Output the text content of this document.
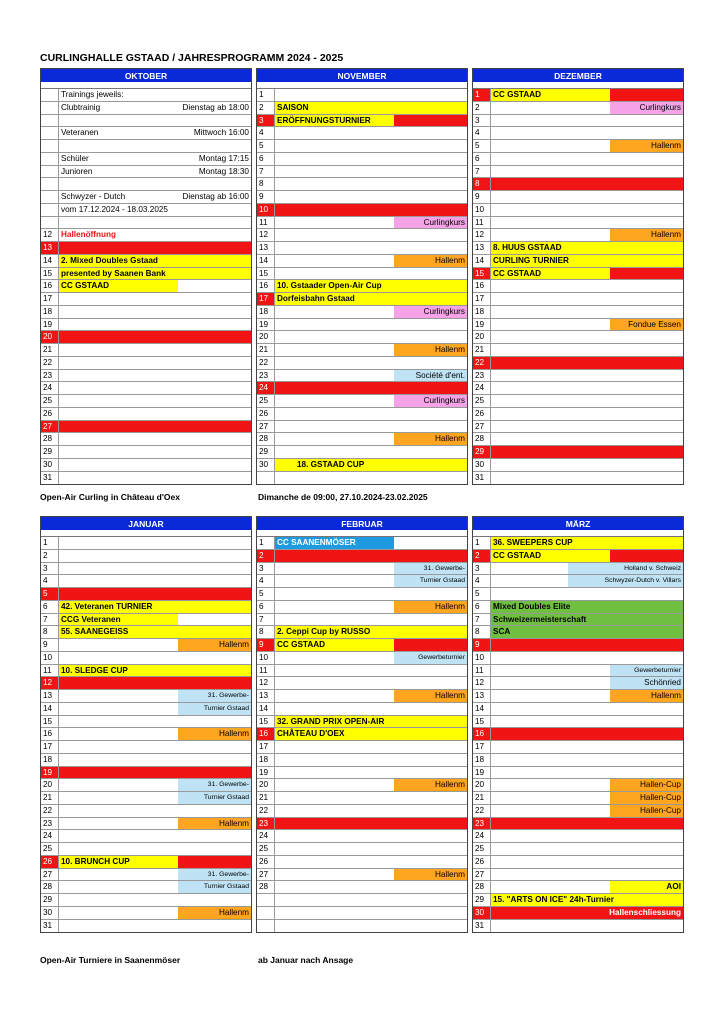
CURLINGHALLE GSTAAD / JAHRESPROGRAMM 2024 - 2025
OKTOBER
Trainings jeweils:
Clubtrainig	Dienstag ab 18:00
Veteranen	Mittwoch 16:00
Schüler	Montag 17:15
Junioren	Montag 18:30
Schwyzer - Dutch	Dienstag ab 16:00
vom 17.12.2024 - 18.03.2025
12	Hallenöffnung
13
14	2. Mixed Doubles Gstaad
15	presented by Saanen Bank
16	CC GSTAAD
17
18
19
20
21
22
23
24
25
26
27
28
29
30
31
NOVEMBER
1
2	SAISON
3	ERÖFFNUNGSTURNIER
4
5
6
7
8
9
10
11	Curlingkurs
12
13
14	Hallenm
15
16	10. Gstaader Open-Air Cup
17	Dorfeisbahn Gstaad
18	Curlingkurs
19
20
21	Hallenm
22
23	Société d'ent.
24
25	Curlingkurs
26
27
28	Hallenm
29
30	18. GSTAAD CUP
DEZEMBER
1	CC GSTAAD
2	Curlingkurs
3
4
5	Hallenm
6
7
8
9
10
11
12	Hallenm
13	8. HUUS GSTAAD
14	CURLING TURNIER
15	CC GSTAAD
16
17
18
19	Fondue Essen
20
21
22
23
24
25
26
27
28
29
30
31
Open-Air Curling in Château d'Oex	Dimanche de 09:00, 27.10.2024-23.02.2025
JANUAR
1
2
3
4
5
6	42. Veteranen TURNIER
7	CCG Veteranen
8	55. SAANEGEISS
9	Hallenm
10
11	10. SLEDGE CUP
12
13	31. Gewerbe-
14	Turnier Gstaad
15
16	Hallenm
17
18
19
20	31. Gewerbe-
21	Turnier Gstaad
22
23	Hallenm
24
25
26	10. BRUNCH CUP
27	31. Gewerbe-
28	Turnier Gstaad
29
30	Hallenm
31
FEBRUAR
1	CC SAANENMÖSER
2
3	31. Gewerbe-
4	Turnier Gstaad
5
6	Hallenm
7
8	2. Ceppi Cup by RUSSO
9	CC GSTAAD
10	Gewerbeturnier
11
12
13	Hallenm
14
15	32. GRAND PRIX OPEN-AIR
16	CHÂTEAU D'OEX
17
18
19
20	Hallenm
21
22
23
24
25
26
27	Hallenm
28
MÄRZ
1	36. SWEEPERS CUP
2	CC GSTAAD
3	Holland v. Schweiz
4	Schwyzer-Dutch v. Villars
5
6	Mixed Doubles Elite
7	Schweizermeisterschaft
8	SCA
9
10
11	Gewerbeturnier
12	Schönried
13	Hallenm
14
15
16
17
18
19
20	Hallen-Cup
21	Hallen-Cup
22	Hallen-Cup
23
24
25
26
27
28	AOI
29	15. "ARTS ON ICE" 24h-Turnier
30	Hallenschliessung
31
Open-Air Turniere in Saanenmöser	ab Januar nach Ansage
